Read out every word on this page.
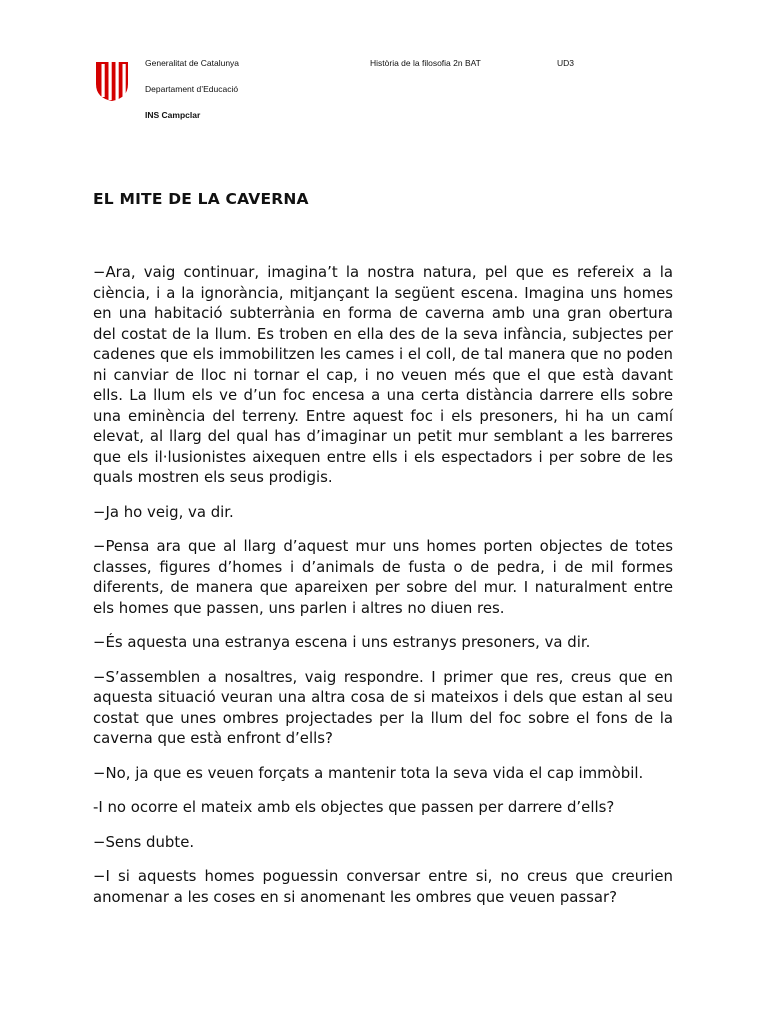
Generalitat de Catalunya
Departament d’Educació
INS Campclar
Història de la filosofia 2n BAT	UD3
EL MITE DE LA CAVERNA

−Ara, vaig continuar, imagina’t la nostra natura, pel que es refereix a la ciència, i a la ignorància, mitjançant la següent escena. Imagina uns homes en una habitació subterrània en forma de caverna amb una gran obertura del costat de la llum. Es troben en ella des de la seva infància, subjectes per cadenes que els immobilitzen les cames i el coll, de tal manera que no poden ni canviar de lloc ni tornar el cap, i no veuen més que el que està davant ells. La llum els ve d’un foc encesa a una certa distància darrere ells sobre una eminència del terreny. Entre aquest foc i els presoners, hi ha un camí elevat, al llarg del qual has d’imaginar un petit mur semblant a les barreres que els il·lusionistes aixequen entre ells i els espectadors i per sobre de les quals mostren els seus prodigis.

−Ja ho veig, va dir.

−Pensa ara que al llarg d’aquest mur uns homes porten objectes de totes classes, figures d’homes i d’animals de fusta o de pedra, i de mil formes diferents, de manera que apareixen per sobre del mur. I naturalment entre els homes que passen, uns parlen i altres no diuen res.

−És aquesta una estranya escena i uns estranys presoners, va dir.

−S’assemblen a nosaltres, vaig respondre. I primer que res, creus que en aquesta situació veuran una altra cosa de si mateixos i dels que estan al seu costat que unes ombres projectades per la llum del foc sobre el fons de la caverna que està enfront d’ells?

−No, ja que es veuen forçats a mantenir tota la seva vida el cap immòbil.

-I no ocorre el mateix amb els objectes que passen per darrere d’ells?

−Sens dubte.

−I si aquests homes poguessin conversar entre si, no creus que creurien anomenar a les coses en si anomenant les ombres que veuen passar?
